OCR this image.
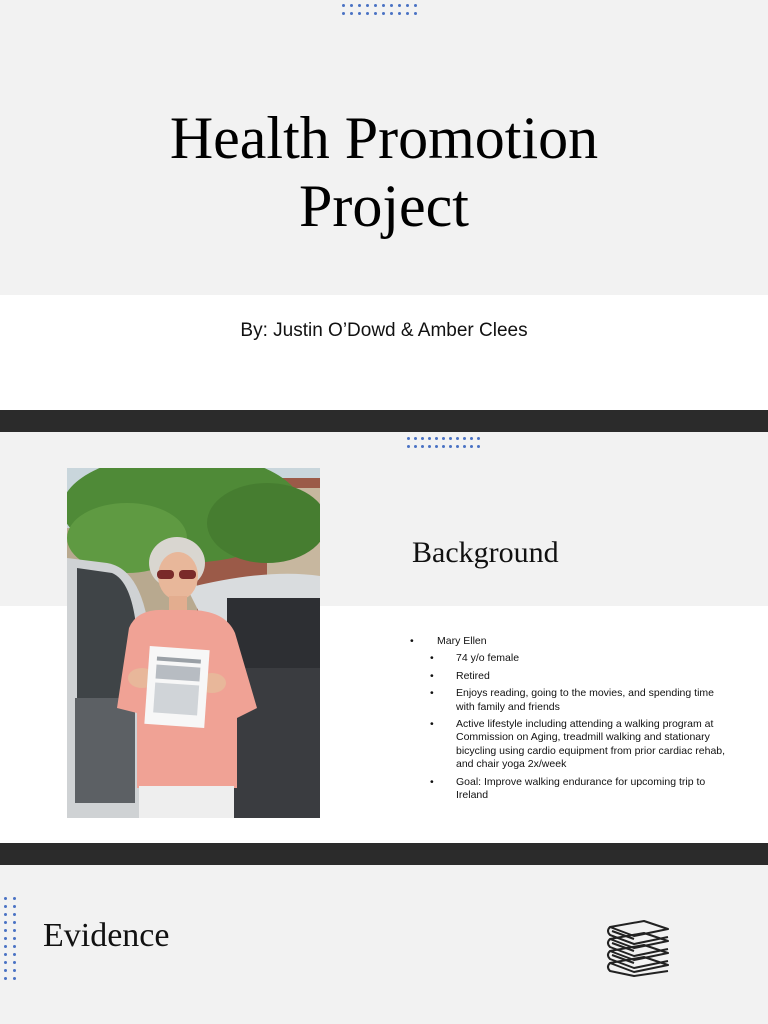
Health Promotion
Project
By: Justin O’Dowd & Amber Clees
Background
• Mary Ellen
• 74 y/o female
• Retired
• Enjoys reading, going to the movies, and spending time with family and friends
• Active lifestyle including attending a walking program at Commission on Aging, treadmill walking and stationary bicycling using cardio equipment from prior cardiac rehab, and chair yoga 2x/week
• Goal: Improve walking endurance for upcoming trip to Ireland
Evidence
